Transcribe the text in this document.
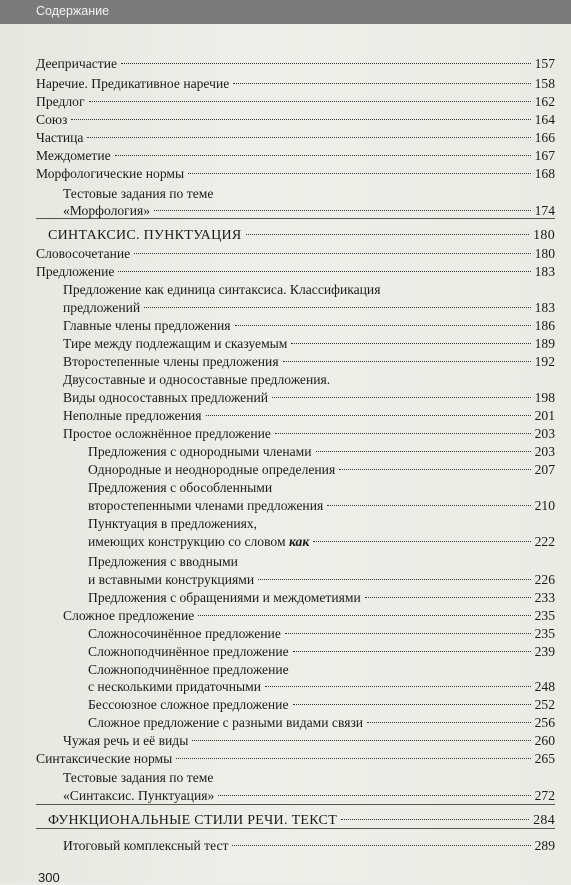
Содержание
Деепричастие	157
Наречие. Предикативное наречие	158
Предлог	162
Союз	164
Частица	166
Междометие	167
Морфологические нормы	168
Тестовые задания по теме
«Морфология»	174
СИНТАКСИС. ПУНКТУАЦИЯ	180
Словосочетание	180
Предложение	183
Предложение как единица синтаксиса. Классификация
предложений	183
Главные члены предложения	186
Тире между подлежащим и сказуемым	189
Второстепенные члены предложения	192
Двусоставные и односоставные предложения.
Виды односоставных предложений	198
Неполные предложения	201
Простое осложнённое предложение	203
Предложения с однородными членами	203
Однородные и неоднородные определения	207
Предложения с обособленными
второстепенными членами предложения	210
Пунктуация в предложениях,
имеющих конструкцию со словом как	222
Предложения с вводными
и вставными конструкциями	226
Предложения с обращениями и междометиями	233
Сложное предложение	235
Сложносочинённое предложение	235
Сложноподчинённое предложение	239
Сложноподчинённое предложение
с несколькими придаточными	248
Бессоюзное сложное предложение	252
Сложное предложение с разными видами связи	256
Чужая речь и её виды	260
Синтаксические нормы	265
Тестовые задания по теме
«Синтаксис. Пунктуация»	272
ФУНКЦИОНАЛЬНЫЕ СТИЛИ РЕЧИ. ТЕКСТ	284
Итоговый комплексный тест	289
300
